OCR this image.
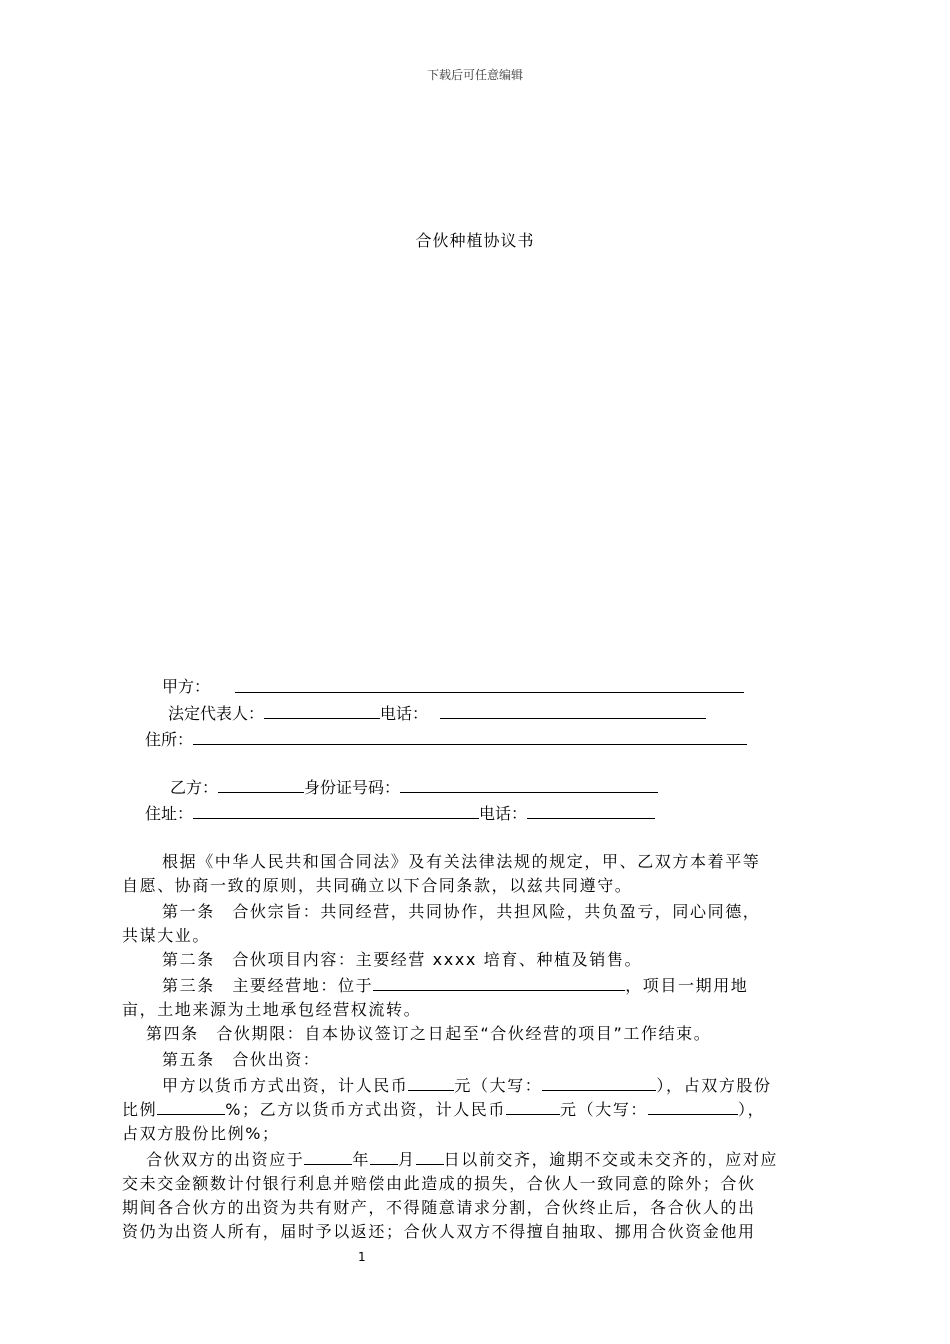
下载后可任意编辑
合伙种植协议书
甲方：
法定代表人：	电话：
住所：
乙方：	身份证号码：
住址：	电话：
根据《中华人民共和国合同法》及有关法律法规的规定，甲、乙双方本着平等
自愿、协商一致的原则，共同确立以下合同条款，以兹共同遵守。
第一条　合伙宗旨：共同经营，共同协作，共担风险，共负盈亏，同心同德，
共谋大业。
第二条　合伙项目内容：主要经营 xxxx 培育、种植及销售。
第三条　主要经营地：位于	，项目一期用地
亩，土地来源为土地承包经营权流转。
第四条　合伙期限：自本协议签订之日起至“合伙经营的项目”工作结束。
第五条　合伙出资：
甲方以货币方式出资，计人民币	元（大写：	），占双方股份
比例	%；乙方以货币方式出资，计人民币	元（大写：	），
占双方股份比例%；
合伙双方的出资应于	年 月 日以前交齐，逾期不交或未交齐的，应对应
交未交金额数计付银行利息并赔偿由此造成的损失，合伙人一致同意的除外；合伙
期间各合伙方的出资为共有财产，不得随意请求分割，合伙终止后，各合伙人的出
资仍为出资人所有，届时予以返还；合伙人双方不得擅自抽取、挪用合伙资金他用
1
